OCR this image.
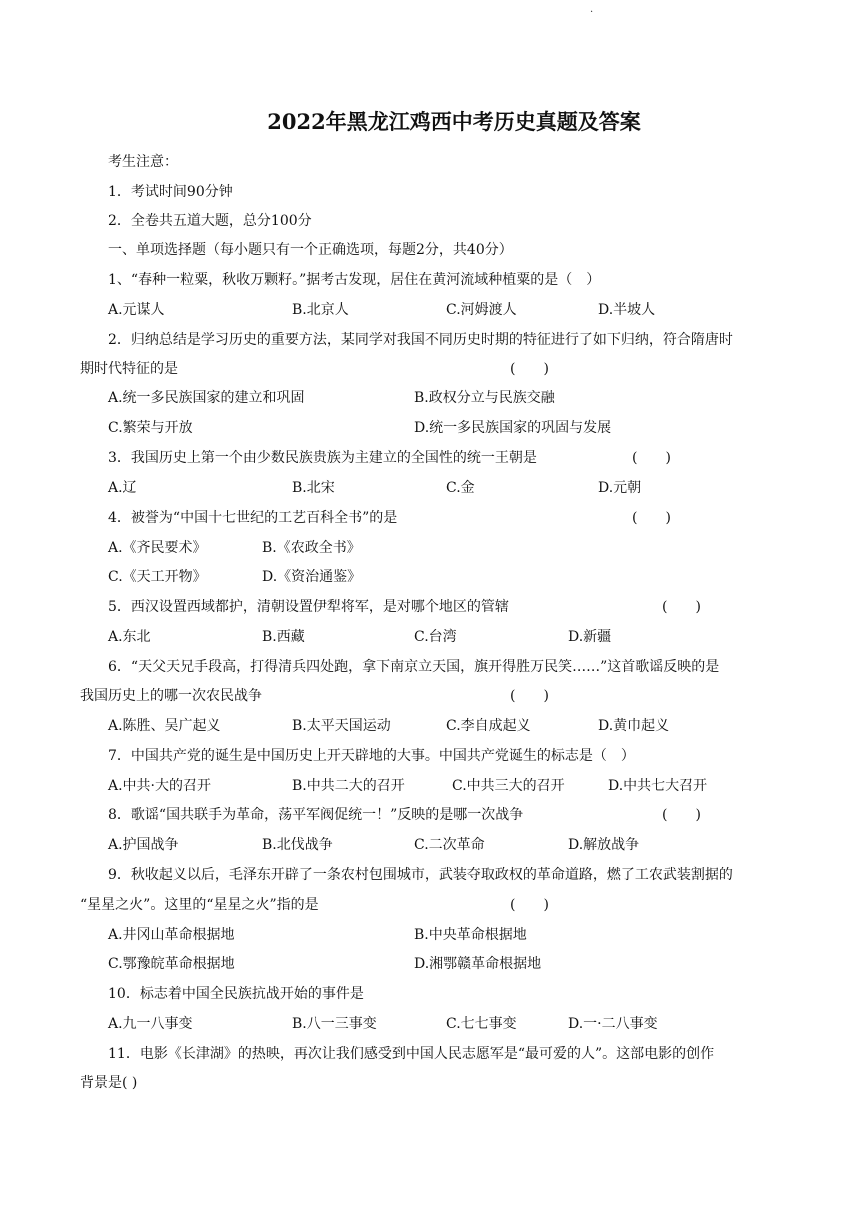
.
2022年黑龙江鸡西中考历史真题及答案
考生注意：
1．考试时间90分钟
2．全卷共五道大题，总分100分
一、单项选择题（每小题只有一个正确选项，每题2分，共40分）
1、“春种一粒粟，秋收万颗籽。”据考古发现，居住在黄河流域种植粟的是（　）
A.元谋人	B.北京人	C.河姆渡人	D.半坡人
2．归纳总结是学习历史的重要方法，某同学对我国不同历史时期的特征进行了如下归纳，符合隋唐时
期时代特征的是	(　　)
A.统一多民族国家的建立和巩固	B.政权分立与民族交融
C.繁荣与开放	D.统一多民族国家的巩固与发展
3．我国历史上第一个由少数民族贵族为主建立的全国性的统一王朝是	(　　)
A.辽	B.北宋	C.金	D.元朝
4．被誉为“中国十七世纪的工艺百科全书”的是	(　　)
A.《齐民要术》	B.《农政全书》
C.《天工开物》	D.《资治通鉴》
5．西汉设置西域都护，清朝设置伊犁将军，是对哪个地区的管辖	(　　)
A.东北	B.西藏	C.台湾	D.新疆
6．“天父天兄手段高，打得清兵四处跑，拿下南京立天国，旗开得胜万民笑……”这首歌谣反映的是
我国历史上的哪一次农民战争	(　　)
A.陈胜、吴广起义	B.太平天国运动	C.李自成起义	D.黄巾起义
7．中国共产党的诞生是中国历史上开天辟地的大事。中国共产党诞生的标志是（　）
A.中共·大的召开	B.中共二大的召开	C.中共三大的召开	D.中共七大召开
8．歌谣“国共联手为革命，荡平军阀促统一！”反映的是哪一次战争	(　　)
A.护国战争	B.北伐战争	C.二次革命	D.解放战争
9．秋收起义以后，毛泽东开辟了一条农村包围城市，武装夺取政权的革命道路，燃了工农武装割据的
“星星之火”。这里的“星星之火”指的是	(　　)
A.井冈山革命根据地	B.中央革命根据地
C.鄂豫皖革命根据地	D.湘鄂赣革命根据地
10．标志着中国全民族抗战开始的事件是
A.九一八事变	B.八一三事变	C.七七事变	D.一·二八事变
11．电影《长津湖》的热映，再次让我们感受到中国人民志愿军是“最可爱的人”。这部电影的创作
背景是( )
